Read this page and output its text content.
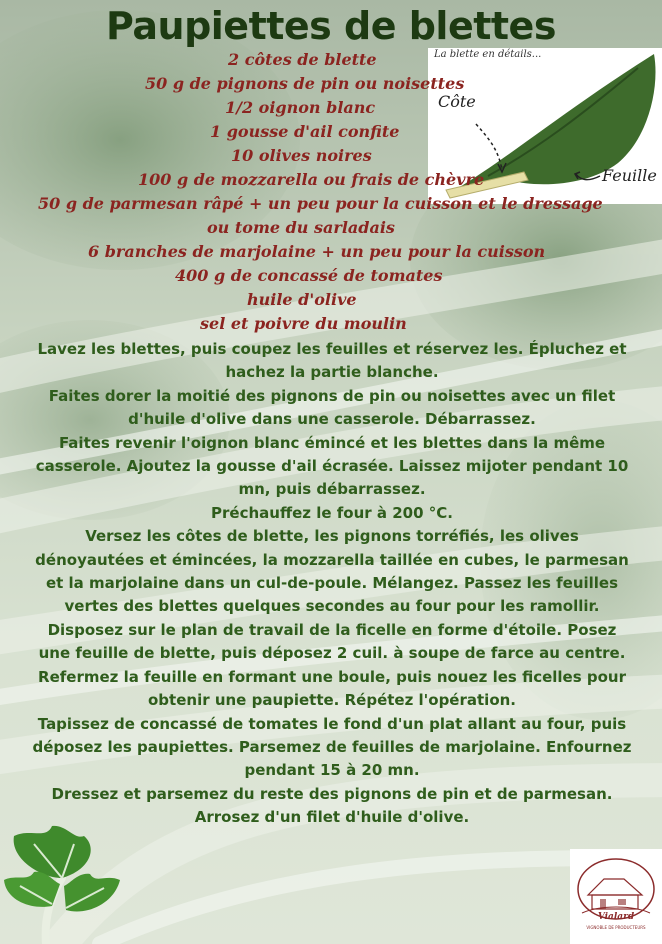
Paupiettes de blettes
La blette en détails...
Côte
Feuille
2 côtes de blette
50 g de pignons de pin ou noisettes
1/2 oignon blanc
1 gousse d'ail confite
10 olives noires
100 g de mozzarella ou frais de chèvre
50 g de parmesan râpé + un peu pour la cuisson et le dressage
ou tome du sarladais
6 branches de marjolaine + un peu pour la cuisson
400 g de concassé de tomates
huile d'olive
sel et poivre du moulin

Lavez les blettes, puis coupez les feuilles et réservez les. Épluchez et hachez la partie blanche.

Faites dorer la moitié des pignons de pin ou noisettes avec un filet d'huile d'olive dans une casserole. Débarrassez.

Faites revenir l'oignon blanc émincé et les blettes dans la même casserole. Ajoutez la gousse d'ail écrasée. Laissez mijoter pendant 10 mn, puis débarrassez.

Préchauffez le four à 200 °C.

Versez les côtes de blette, les pignons torréfiés, les olives dénoyautées et émincées, la mozzarella taillée en cubes, le parmesan et la marjolaine dans un cul-de-poule. Mélangez. Passez les feuilles vertes des blettes quelques secondes au four pour les ramollir.

Disposez sur le plan de travail de la ficelle en forme d'étoile. Posez une feuille de blette, puis déposez 2 cuil. à soupe de farce au centre. Refermez la feuille en formant une boule, puis nouez les ficelles pour obtenir une paupiette. Répétez l'opération.

Tapissez de concassé de tomates le fond d'un plat allant au four, puis déposez les paupiettes. Parsemez de feuilles de marjolaine. Enfournez pendant 15 à 20 mn.

Dressez et parsemez du reste des pignons de pin et de parmesan. Arrosez d'un filet d'huile d'olive.

Vialard
VIGNOBLE DE PRODUCTEURS
